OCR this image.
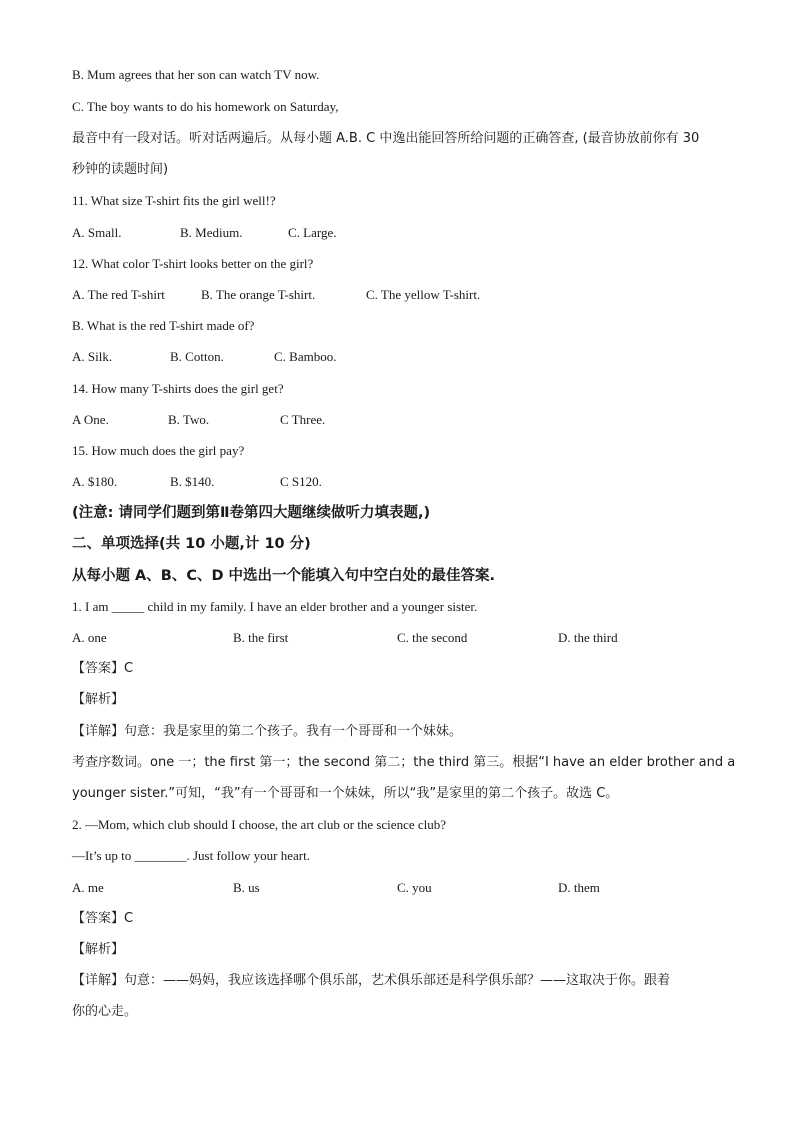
B. Mum agrees that her son can watch TV now.
C. The boy wants to do his homework on Saturday,
最音中有一段对话。听对话两遍后。从每小题 A.B. C 中逸出能回答所给问题的正确答查, (最音协放前你有 30
秒钟的读题时间)
11. What size T-shirt fits the girl well!?
A. Small.	B. Medium.	C. Large.
12. What color T-shirt looks better on the girl?
A. The red T-shirt	B. The orange T-shirt.	C. The yellow T-shirt.
B. What is the red T-shirt made of?
A. Silk.	B. Cotton.	C. Bamboo.
14. How many T-shirts does the girl get?
A One.	B. Two.	C Three.
15. How much does the girl pay?
A. $180.	B. $140.	C S120.
(注意: 请同学们题到第Ⅱ卷第四大题继续做听力填表题,)
二、单项选择(共 10 小题,计 10 分)
从每小题 A、B、C、D 中选出一个能填入句中空白处的最佳答案.
1. I am _____ child in my family. I have an elder brother and a younger sister.
A. one	B. the first	C. the second	D. the third
【答案】C
【解析】
【详解】句意：我是家里的第二个孩子。我有一个哥哥和一个妹妹。
考查序数词。one 一；the first 第一；the second 第二；the third 第三。根据“I have an elder brother and a
younger sister.”可知，“我”有一个哥哥和一个妹妹，所以“我”是家里的第二个孩子。故选 C。
2. —Mom, which club should I choose, the art club or the science club?
—It’s up to ________. Just follow your heart.
A. me	B. us	C. you	D. them
【答案】C
【解析】
【详解】句意：——妈妈，我应该选择哪个俱乐部，艺术俱乐部还是科学俱乐部？——这取决于你。跟着
你的心走。
